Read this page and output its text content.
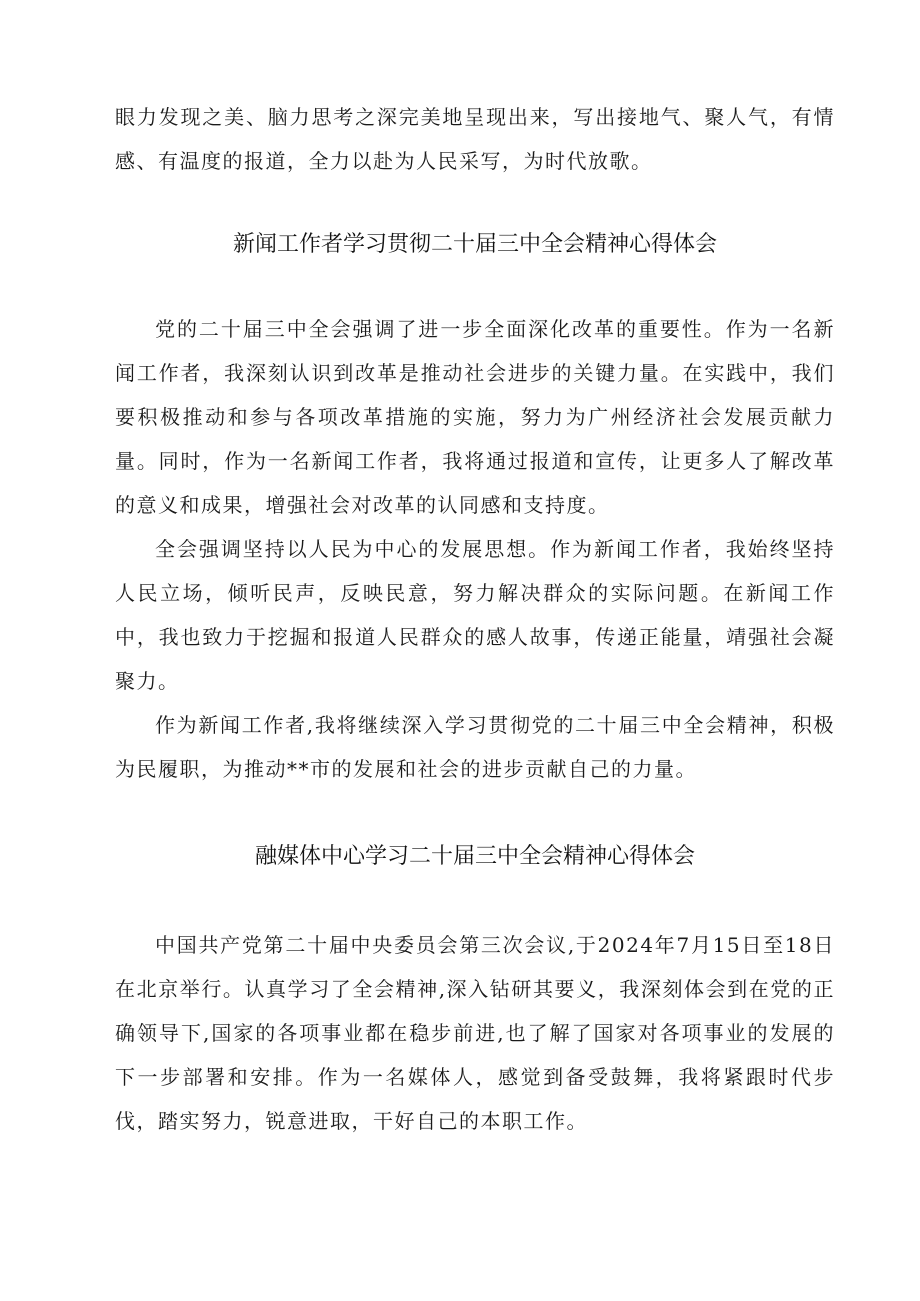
眼力发现之美、脑力思考之深完美地呈现出来，写出接地气、聚人气，有情感、有温度的报道，全力以赴为人民采写，为时代放歌。

新闻工作者学习贯彻二十届三中全会精神心得体会

党的二十届三中全会强调了进一步全面深化改革的重要性。作为一名新闻工作者，我深刻认识到改革是推动社会进步的关键力量。在实践中，我们要积极推动和参与各项改革措施的实施，努力为广州经济社会发展贡献力量。同时，作为一名新闻工作者，我将通过报道和宣传，让更多人了解改革的意义和成果，增强社会对改革的认同感和支持度。

全会强调坚持以人民为中心的发展思想。作为新闻工作者，我始终坚持人民立场，倾听民声，反映民意，努力解决群众的实际问题。在新闻工作中，我也致力于挖掘和报道人民群众的感人故事，传递正能量，靖强社会凝聚力。

作为新闻工作者,我将继续深入学习贯彻党的二十届三中全会精神，积极为民履职，为推动**市的发展和社会的进步贡献自己的力量。

融媒体中心学习二十届三中全会精神心得体会

中国共产党第二十届中央委员会第三次会议,于2024年7月15日至18日在北京举行。认真学习了全会精神,深入钻研其要义，我深刻体会到在党的正确领导下,国家的各项事业都在稳步前进,也了解了国家对各项事业的发展的下一步部署和安排。作为一名媒体人，感觉到备受鼓舞，我将紧跟时代步伐，踏实努力，锐意进取，干好自己的本职工作。
